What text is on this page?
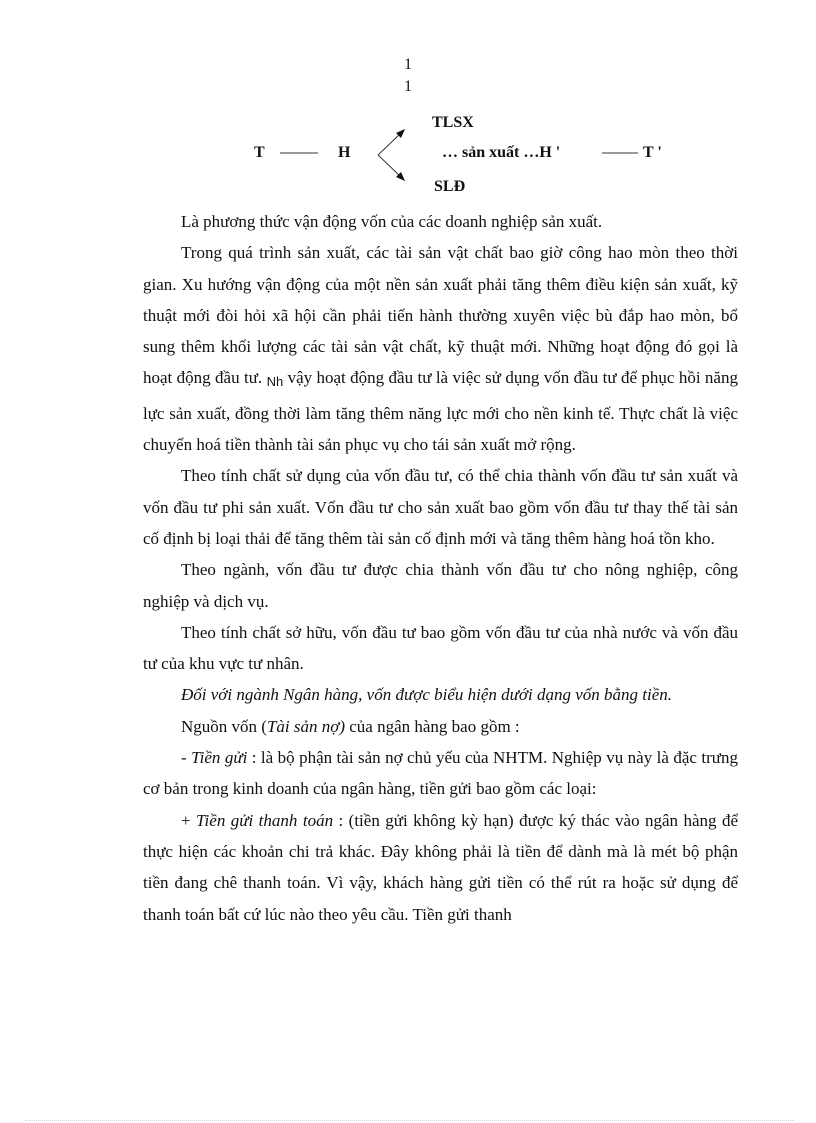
1
1
T	H
TLSX
… sản xuất …H '	T '
SLĐ

Là phương thức vận động vốn của các doanh nghiệp sản xuất.

Trong quá trình sản xuất, các tài sản vật chất bao giờ công hao mòn theo thời gian. Xu hướng vận động của một nền sản xuất phải tăng thêm điều kiện sản xuất, kỹ thuật mới đòi hỏi xã hội cần phải tiến hành thường xuyên việc bù đắp hao mòn, bổ sung thêm khối lượng các tài sản vật chất, kỹ thuật mới. Những hoạt động đó gọi là hoạt động đầu tư. Nh vậy hoạt động đầu tư là việc sử dụng vốn đầu tư để phục hồi năng lực sản xuất, đồng thời làm tăng thêm năng lực mới cho nền kinh tế. Thực chất là việc chuyển hoá tiền thành tài sản phục vụ cho tái sản xuất mở rộng.

Theo tính chất sử dụng của vốn đầu tư, có thể chia thành vốn đầu tư sản xuất và vốn đầu tư phi sản xuất. Vốn đầu tư cho sản xuất bao gồm vốn đầu tư thay thế tài sản cố định bị loại thải để tăng thêm tài sản cố định mới và tăng thêm hàng hoá tồn kho.

Theo ngành, vốn đầu tư được chia thành vốn đầu tư cho nông nghiệp, công nghiệp và dịch vụ.

Theo tính chất sở hữu, vốn đầu tư bao gồm vốn đầu tư của nhà nước và vốn đầu tư của khu vực tư nhân.

Đối với ngành Ngân hàng, vốn được biểu hiện dưới dạng vốn bằng tiền.

Nguồn vốn (Tài sản nợ) của ngân hàng bao gồm :

- Tiền gửi : là bộ phận tài sản nợ chủ yếu của NHTM. Nghiệp vụ này là đặc trưng cơ bản trong kinh doanh của ngân hàng, tiền gửi bao gồm các loại:

+ Tiền gửi thanh toán : (tiền gửi không kỳ hạn) được ký thác vào ngân hàng để thực hiện các khoản chi trả khác. Đây không phải là tiền để dành mà là mét bộ phận tiền đang chê thanh toán. Vì vậy, khách hàng gửi tiền có thể rút ra hoặc sử dụng để thanh toán bất cứ lúc nào theo yêu cầu. Tiền gửi thanh
